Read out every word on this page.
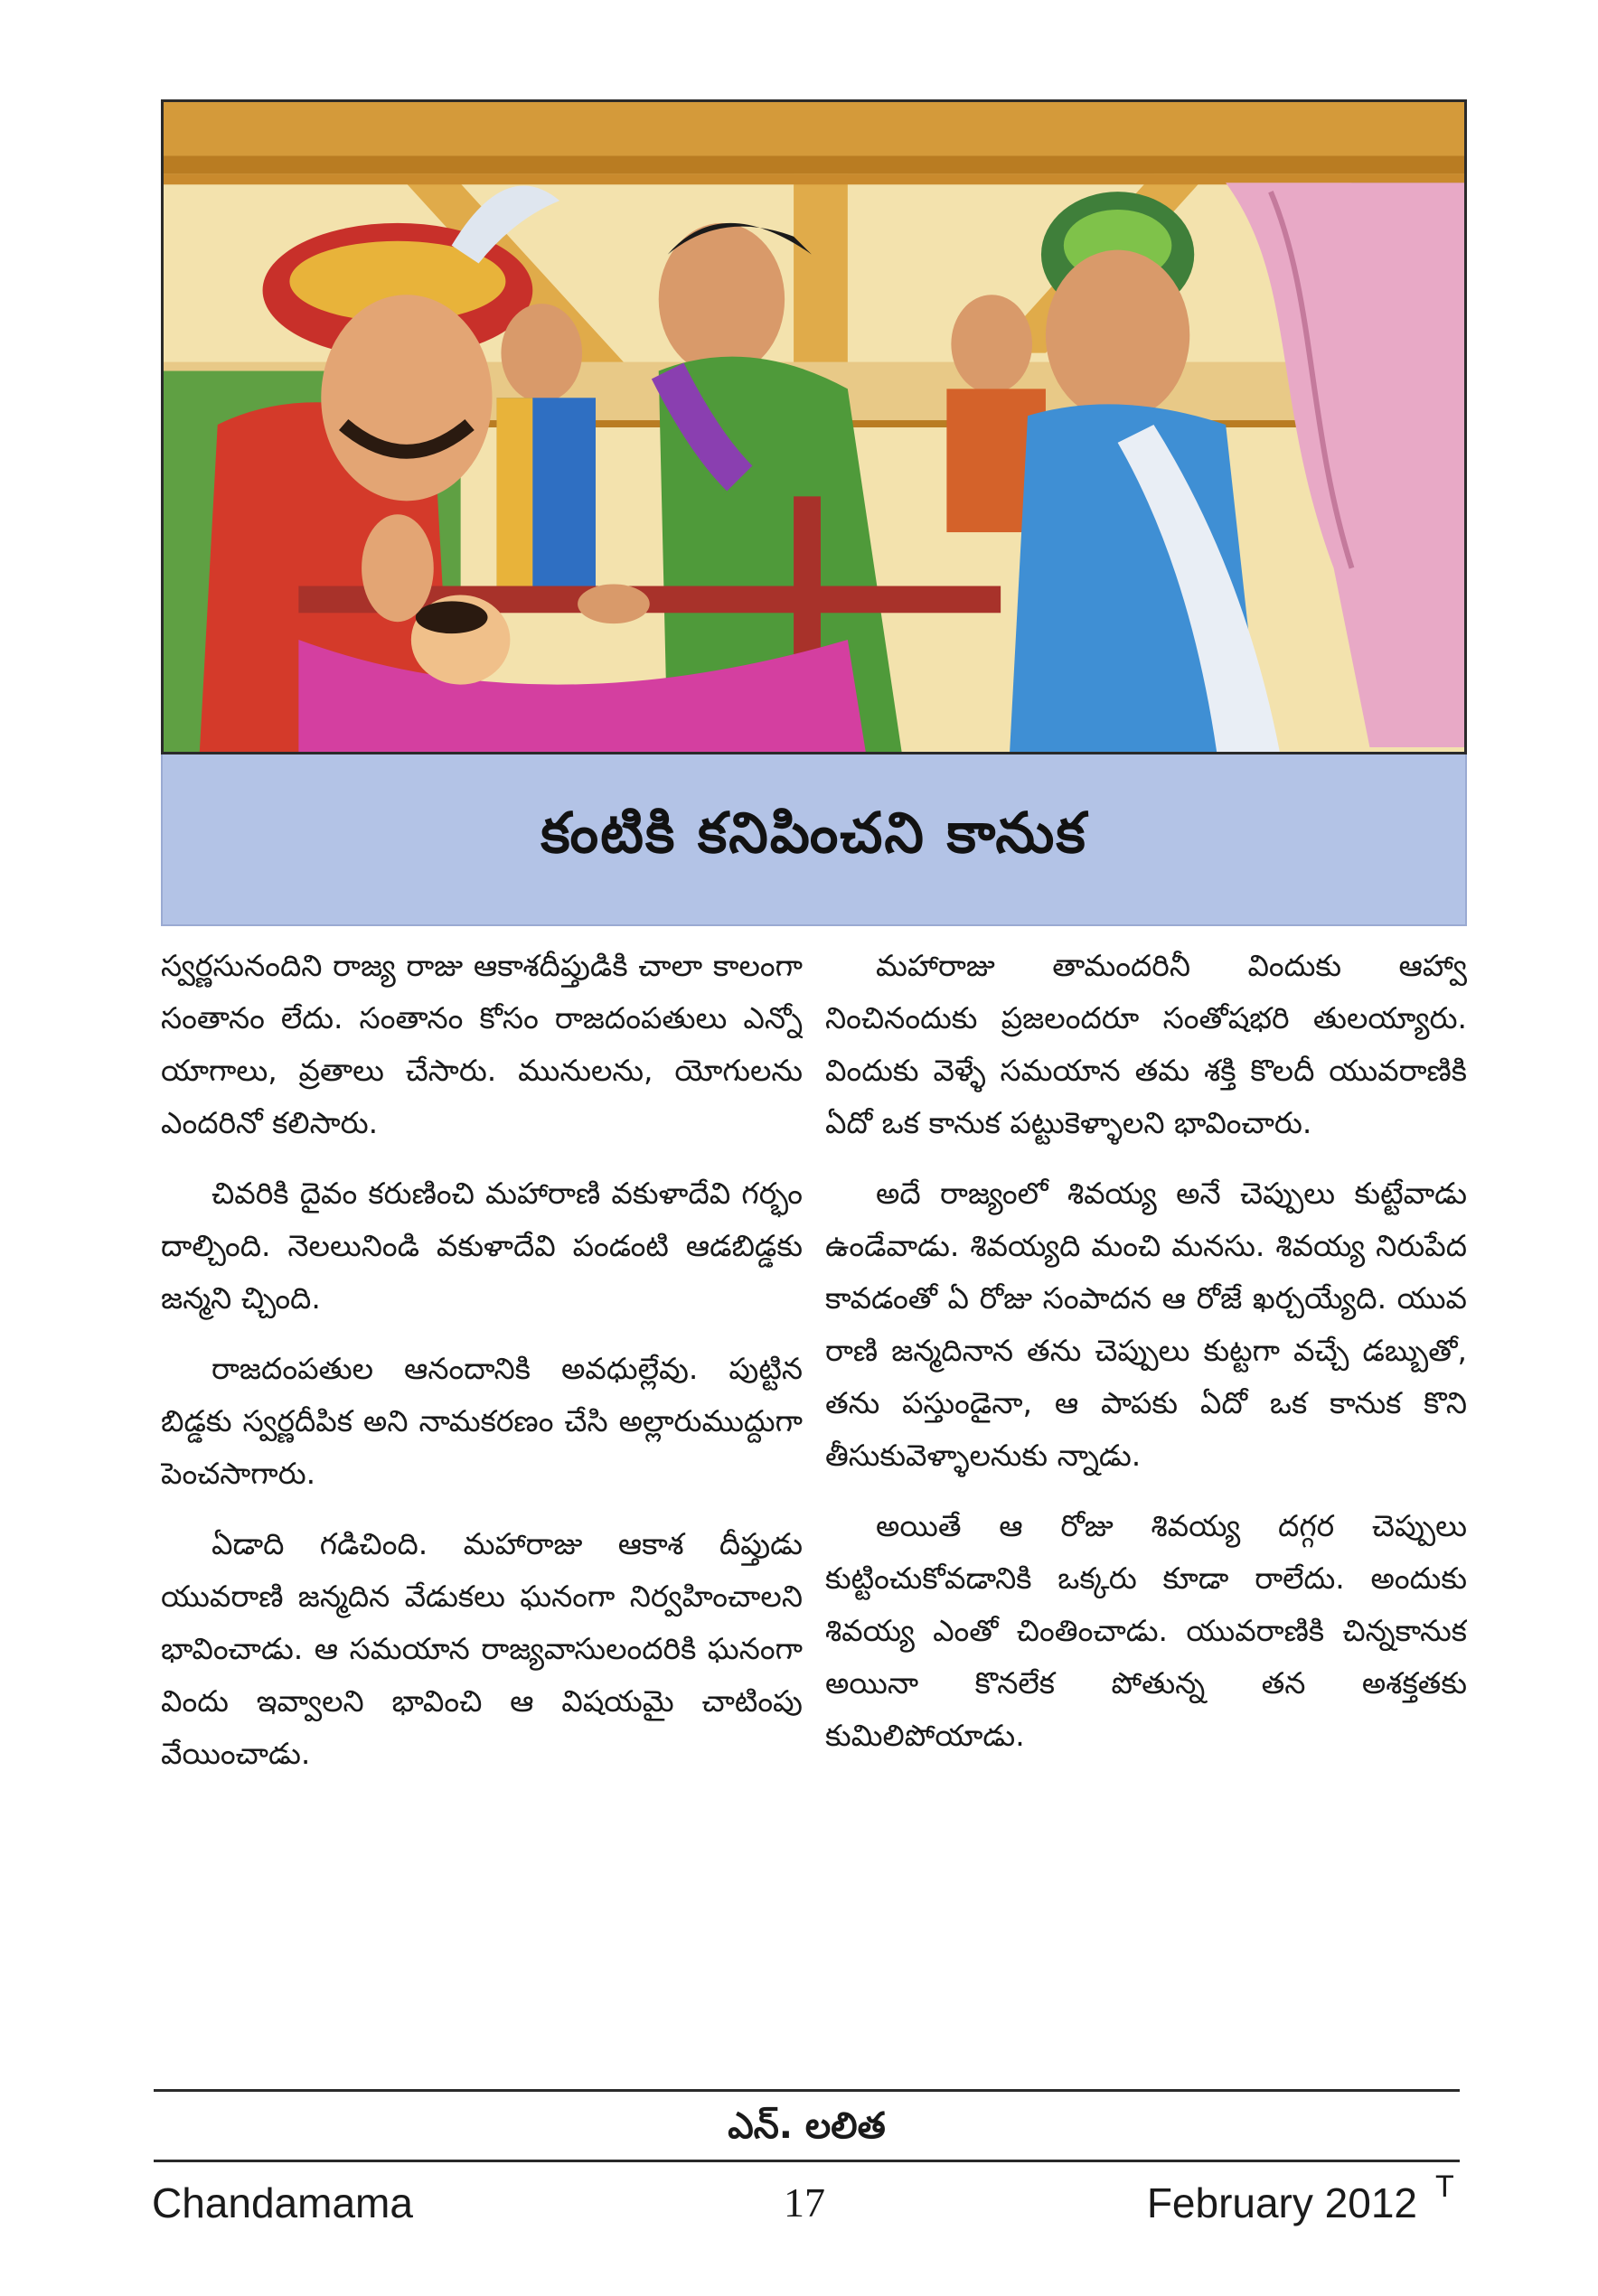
కంటికి కనిపించని కానుక

స్వర్ణసునందిని రాజ్య రాజు ఆకాశదీప్తుడికి చాలా కాలంగా సంతానం లేదు. సంతానం కోసం రాజదంపతులు ఎన్నో యాగాలు, వ్రతాలు చేసారు. మునులను, యోగులను ఎందరినో కలిసారు.

చివరికి దైవం కరుణించి మహారాణి వకుళాదేవి గర్భం దాల్చింది. నెలలునిండి వకుళాదేవి పండంటి ఆడబిడ్డకు జన్మని చ్చింది.

రాజదంపతుల ఆనందానికి అవధుల్లేవు. పుట్టిన బిడ్డకు స్వర్ణదీపిక అని నామకరణం చేసి అల్లారుముద్దుగా పెంచసాగారు.

ఏడాది గడిచింది. మహారాజు ఆకాశ దీప్తుడు యువరాణి జన్మదిన వేడుకలు ఘనంగా నిర్వహించాలని భావించాడు. ఆ సమయాన రాజ్యవాసులందరికి ఘనంగా విందు ఇవ్వాలని భావించి ఆ విషయమై చాటింపు వేయించాడు.

మహారాజు తామందరినీ విందుకు ఆహ్వా నించినందుకు ప్రజలందరూ సంతోషభరి తులయ్యారు. విందుకు వెళ్ళే సమయాన తమ శక్తి కొలదీ యువరాణికి ఏదో ఒక కానుక పట్టుకెళ్ళాలని భావించారు.

అదే రాజ్యంలో శివయ్య అనే చెప్పులు కుట్టేవాడు ఉండేవాడు. శివయ్యది మంచి మనసు. శివయ్య నిరుపేద కావడంతో ఏ రోజు సంపాదన ఆ రోజే ఖర్చయ్యేది. యువ రాణి జన్మదినాన తను చెప్పులు కుట్టగా వచ్చే డబ్బుతో, తను పస్తుండైనా, ఆ పాపకు ఏదో ఒక కానుక కొని తీసుకువెళ్ళాలనుకు న్నాడు.

అయితే ఆ రోజు శివయ్య దగ్గర చెప్పులు కుట్టించుకోవడానికి ఒక్కరు కూడా రాలేదు. అందుకు శివయ్య ఎంతో చింతించాడు. యువరాణికి చిన్నకానుక అయినా కొనలేక పోతున్న తన అశక్తతకు కుమిలిపోయాడు.

ఎన్. లలిత
Chandamama	17	February 2012 T
